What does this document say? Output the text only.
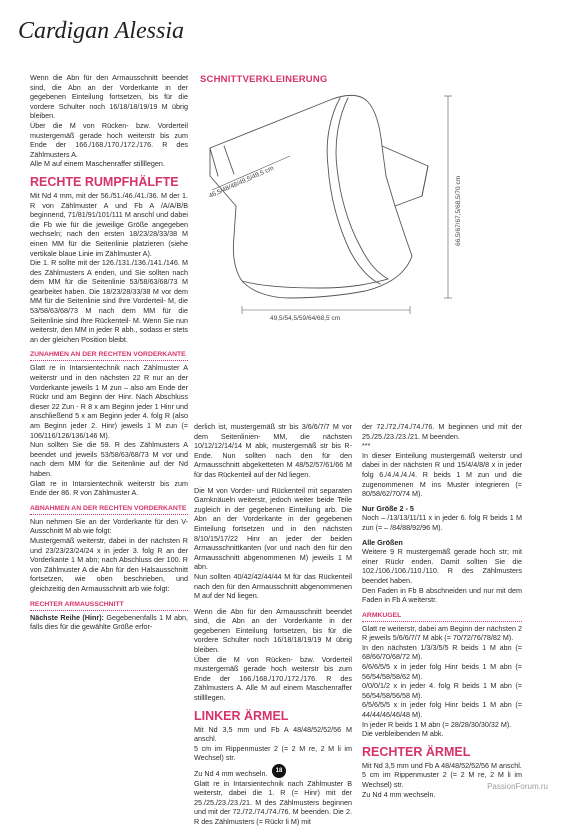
Cardigan Alessia

Wenn die Abn für den Armausschnitt beendet sind, die Abn an der Vorderkante in der gegebenen Einteilung fortsetzen, bis für die vordere Schulter noch 16/18/18/19/19 M übrig bleiben.

Über die M von Rücken- bzw. Vorderteil mustergemäß gerade hoch weiterstr bis zum Ende der 166./168./170./172./176. R des Zählmusters A.

Alle M auf einem Maschenraffer stillllegen.

RECHTE RUMPFHÄLFTE

Mit Nd 4 mm, mit der 56./51./46./41./36. M der 1. R von Zählmuster A und Fb A /A/A/B/B beginnend, 71/81/91/101/111 M anschl und dabei die Fb wie für die jeweilige Größe angegeben wechseln; nach den ersten 18/23/28/33/38 M einen MM für die Seitenlinie platzieren (siehe vertikale blaue Linie im Zählmuster A).

Die 1. R sollte mit der 126./131./136./141./146. M des Zählmusters A enden, und Sie sollten nach dem MM für die Seitenlinie 53/58/63/68/73 M gearbeitet haben. Die 18/23/28/33/38 M vor dem MM für die Seitenlinie sind Ihre Vorderteil- M, die 53/58/63/68/73 M nach dem MM für die Seitenlinie sind Ihre Rückenteil- M. Wenn Sie nun weiterstr, den MM in jeder R abh., sodass er stets an der gleichen Position bleibt.

ZUNAHMEN AN DER RECHTEN VORDERKANTE

Glatt re in Intarsientechnik nach Zählmuster A weiterstr und in den nächsten 22 R nur an der Vorderkante jeweils 1 M zun – also am Ende der Rückr und am Beginn der Hinr. Nach Abschluss dieser 22 Zun - R 8 x am Beginn jeder 1 Hinr und anschließend 5 x am Beginn jeder 4. folg R (also am Beginn jeder 2. Hinr) jeweils 1 M zun (= 106/116/126/136/146 M).

Nun sollten Sie die 59. R des Zählmusters A beendet und jeweils 53/58/63/68/73 M vor und nach dem MM für die Seitenlinie auf der Nd haben.

Glatt re in Intarsientechnik weiterstr bis zum Ende der 86. R von Zählmuster A.

ABNAHMEN AN DER RECHTEN VORDERKANTE

Nun nehmen Sie an der Vorderkante für den V- Ausschnitt M ab wie folgt:

Mustergemäß weiterstr, dabei in der nächsten R und 23/23/23/24/24 x in jeder 3. folg R an der Vorderkante 1 M abn; nach Abschluss der 100. R von Zählmuster A die Abn für den Halsausschnitt fortsetzen, wie oben beschrieben, und gleichzeitig den Armausschnitt arb wie folgt:

RECHTER ARMAUSSCHNITT

Nächste Reihe (Hinr): Gegebenenfalls 1 M abn, falls dies für die gewählte Größe erfor-

SCHNITTVERKLEINERUNG
46,5/48/48/49,5/49,5 cm
49,5/54,5/59/64/68,5 cm
66,5/67/67,5/68,5/70 cm

derlich ist, mustergemäß str bis 3/6/6/7/7 M vor dem Seitenlinien- MM, die nächsten 10/12/12/14/14 M abk, mustergemäß str bis R-Ende. Nun sollten nach den für den Armausschnitt abgeketteten M 48/52/57/61/66 M für das Rückenteil auf der Nd liegen.

Die M von Vorder- und Rückenteil mit separaten Garnknäueln weiterstr, jedoch weiter beide Teile zugleich in der gegebenen Einteilung arb. Die Abn an der Vorderkante in der gegebenen Einteilung fortsetzen und in den nächsten 8/10/15/17/22 Hinr an jeder der beiden Armausschnittkanten (vor und nach den für den Armausschnitt abgenommenen M) jeweils 1 M abn.

Nun sollten 40/42/42/44/44 M für das Rückenteil nach den für den Armausschnitt abgenommenen M auf der Nd liegen.

Wenn die Abn für den Armausschnitt beendet sind, die Abn an der Vorderkante in der gegebenen Einteilung fortsetzen, bis für die vordere Schulter noch 16/18/18/19/19 M übrig bleiben.

Über die M von Rücken- bzw. Vorderteil mustergemäß gerade hoch weiterstr bis zum Ende der 166./168./170./172./176. R des Zählmusters A. Alle M auf einem Maschenraffer stillllegen.

LINKER ÄRMEL

Mit Nd 3,5 mm und Fb A 48/48/52/52/56 M anschl.

5 cm im Rippenmuster 2 (= 2 M re, 2 M li im Wechsel) str.

Zu Nd 4 mm wechseln.

Glatt re in Intarsientechnik nach Zählmuster B weiterstr, dabei die 1. R (= Hinr) mit der 25./25./23./23./21. M des Zählmusters beginnen und mit der 72./72./74./74./76. M beenden. Die 2. R des Zählmusters (= Rückr li M) mit

der 72./72./74./74./76. M beginnen und mit der 25./25./23./23./21. M beenden.

***

In dieser Einteilung mustergemäß weiterstr und dabei in der nächsten R und 15/4/4/8/8 x in jeder folg 6./4./4./4./4. R beids 1 M zun und die zugenommenen M ins Muster integrieren (= 80/58/62/70/74 M).

Nur Größe 2 - 5

Noch – /13/13/11/11 x in jeder 6. folg R beids 1 M zun (= – /84/88/92/96 M).

Alle Größen

Weitere 9 R mustergemäß gerade hoch str; mit einer Rückr enden. Damit sollten Sie die 102./106./106./110./110. R des Zählmusters beendet haben.

Den Faden in Fb B abschneiden und nur mit dem Faden in Fb A weiterstr.

ARMKUGEL

Glatt re weiterstr, dabei am Beginn der nächsten 2 R jeweils 5/6/6/7/7 M abk (= 70/72/76/78/82 M).

In den nächsten 1/3/3/5/5 R beids 1 M abn (= 68/66/70/68/72 M).

6/6/6/5/5 x in jeder folg Hinr beids 1 M abn (= 56/54/58/58/62 M).

0/0/0/1/2 x in jeder 4. folg R beids 1 M abn (= 56/54/58/56/58 M).

6/5/6/5/5 x in jeder folg Hinr beids 1 M abn (= 44/44/46/46/48 M).

In jeder R beids 1 M abn (= 28/28/30/30/32 M).

Die verbleibenden M abk.

RECHTER ÄRMEL

Mit Nd 3,5 mm und Fb A 48/48/52/52/56 M anschl.

5 cm im Rippenmuster 2 (= 2 M re, 2 M li im Wechsel) str.

Zu Nd 4 mm wechseln.

18
PassionForum.ru
